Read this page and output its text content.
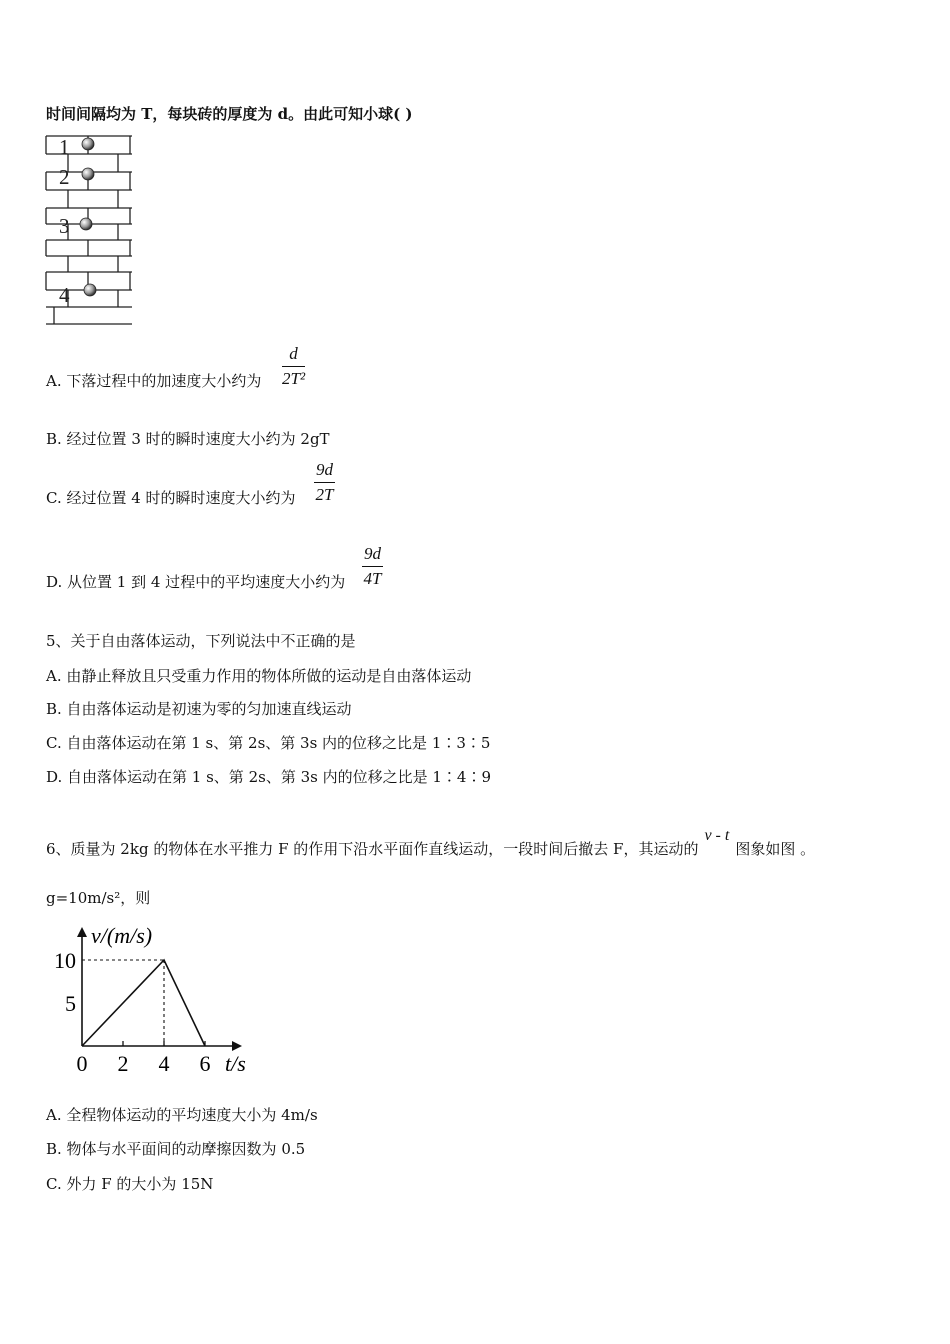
时间间隔均为 T，每块砖的厚度为 d。由此可知小球( )
1
2
3
4
A. 下落过程中的加速度大小约为
d
2T²
B. 经过位置 3 时的瞬时速度大小约为 2gT
C. 经过位置 4 时的瞬时速度大小约为
9d
2T
D. 从位置 1 到 4 过程中的平均速度大小约为
9d
4T
5、关于自由落体运动，下列说法中不正确的是
A. 由静止释放且只受重力作用的物体所做的运动是自由落体运动
B. 自由落体运动是初速为零的匀加速直线运动
C. 自由落体运动在第 1 s、第 2s、第 3s 内的位移之比是 1∶3∶5
D. 自由落体运动在第 1 s、第 2s、第 3s 内的位移之比是 1∶4∶9
6、质量为 2kg 的物体在水平推力 F 的作用下沿水平面作直线运动，一段时间后撤去 F，其运动的v - t图象如图 。
g=10m/s²，则
v/(m/s)
t/s
0 2 4 6
5
10
A. 全程物体运动的平均速度大小为 4m/s
B. 物体与水平面间的动摩擦因数为 0.5
C. 外力 F 的大小为 15N
